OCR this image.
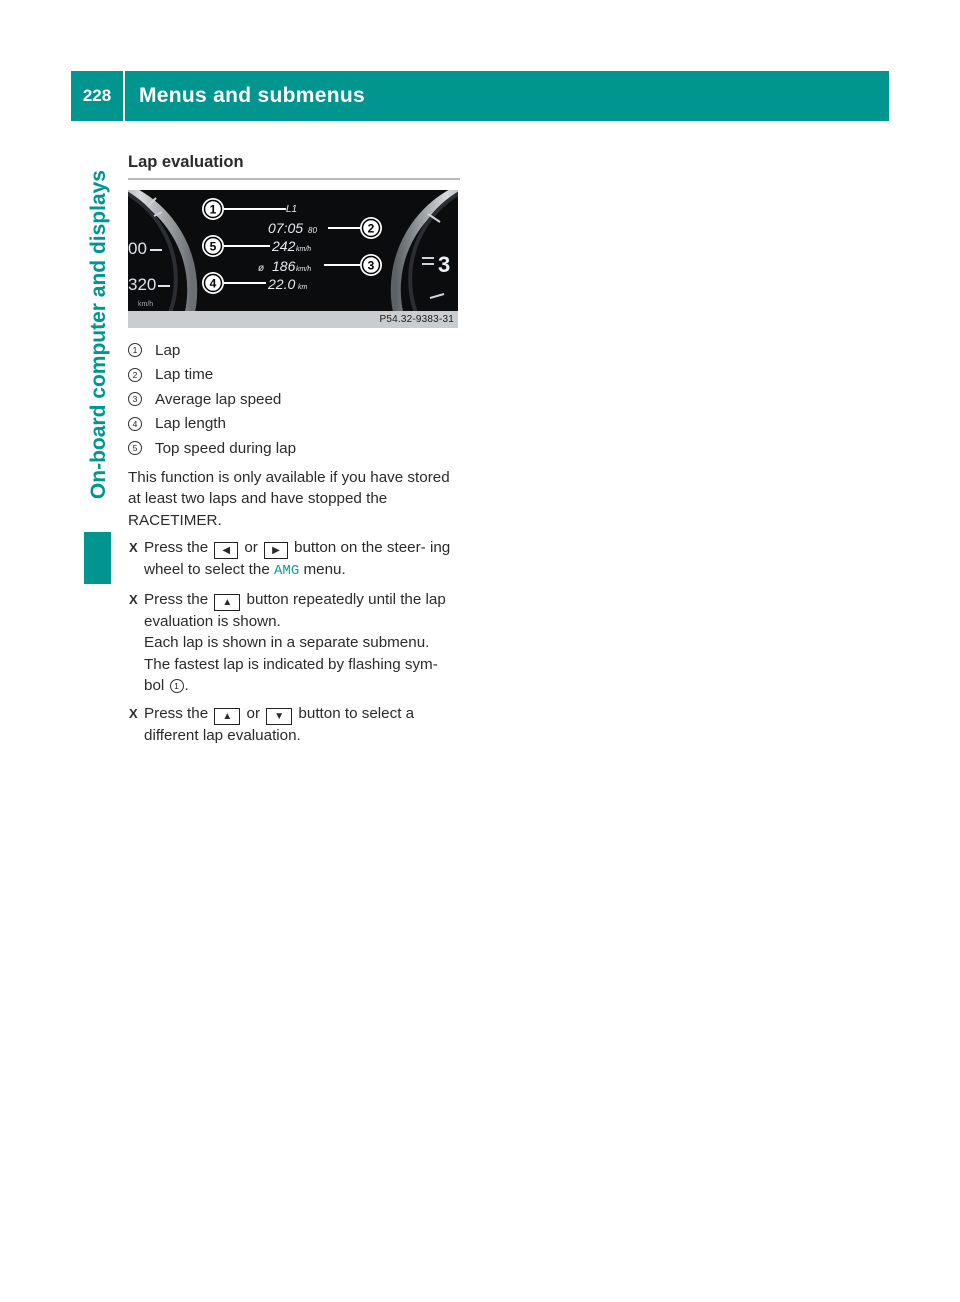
228	Menus and submenus
On-board computer and displays
Lap evaluation
00
320
km/h
3
L1
07:05 80
242 km/h
ø 186 km/h
22.0 km
1
2
3
4
5
P54.32-9383-31
1	Lap
2	Lap time
3	Average lap speed
4	Lap length
5	Top speed during lap

This function is only available if you have stored at least two laps and have stopped the RACETIMER.

X Press the ◀ or ▶ button on the steer- ing wheel to select the AMG menu.
X Press the ▲ button repeatedly until the lap evaluation is shown.
Each lap is shown in a separate submenu.
The fastest lap is indicated by flashing sym- bol 1 .
X Press the ▲ or ▼ button to select a different lap evaluation.
